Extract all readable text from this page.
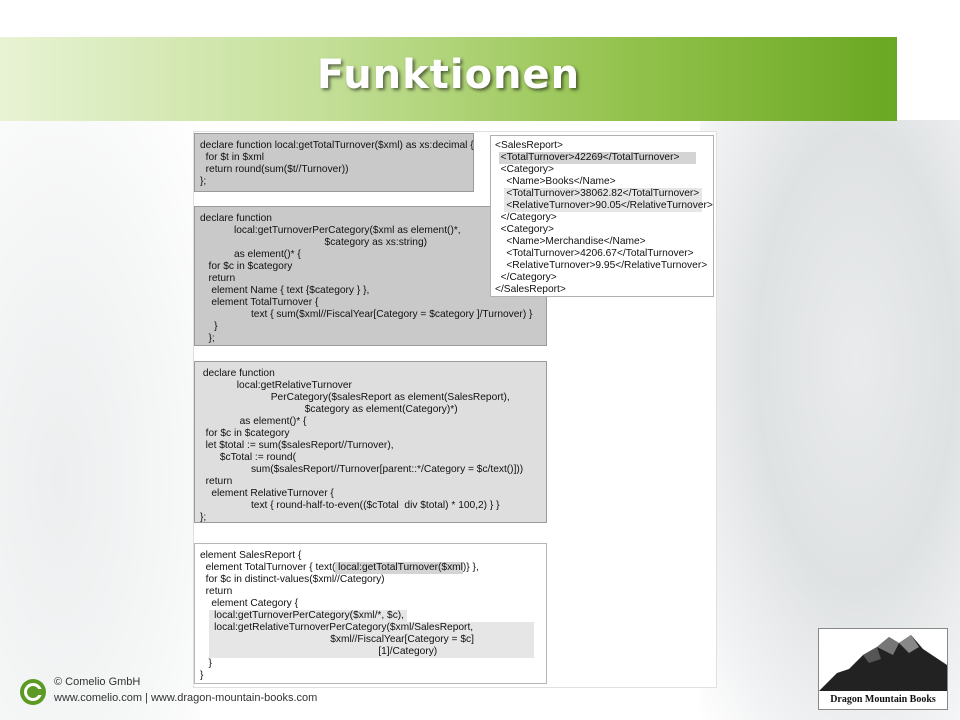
Funktionen
declare function local:getTotalTurnover($xml) as xs:decimal {
for $t in $xml
return round(sum($t//Turnover))
};
declare function
local:getTurnoverPerCategory($xml as element()*,
$category as xs:string)
as element()* {
for $c in $category
return
element Name { text {$category } },
element TotalTurnover {
text { sum($xml//FiscalYear[Category = $category ]/Turnover) }
}
};
declare function
local:getRelativeTurnover
PerCategory($salesReport as element(SalesReport),
$category as element(Category)*)
as element()* {
for $c in $category
let $total := sum($salesReport//Turnover),
$cTotal := round(
sum($salesReport//Turnover[parent::*/Category = $c/text()]))
return
element RelativeTurnover {
text { round-half-to-even(($cTotal  div $total) * 100,2) } }
};
element SalesReport {
element TotalTurnover { text( local:getTotalTurnover($xml)} },
for $c in distinct-values($xml//Category)
return
element Category {
local:getTurnoverPerCategory($xml/*, $c),
local:getRelativeTurnoverPerCategory($xml/SalesReport,
$xml//FiscalYear[Category = $c]
[1]/Category)
}
}
<SalesReport>
<TotalTurnover>42269</TotalTurnover>
<Category>
<Name>Books</Name>
<TotalTurnover>38062.82</TotalTurnover>
<RelativeTurnover>90.05</RelativeTurnover>
</Category>
<Category>
<Name>Merchandise</Name>
<TotalTurnover>4206.67</TotalTurnover>
<RelativeTurnover>9.95</RelativeTurnover>
</Category>
</SalesReport>
© Comelio GmbH
www.comelio.com | www.dragon-mountain-books.com	Dragon Mountain Books
